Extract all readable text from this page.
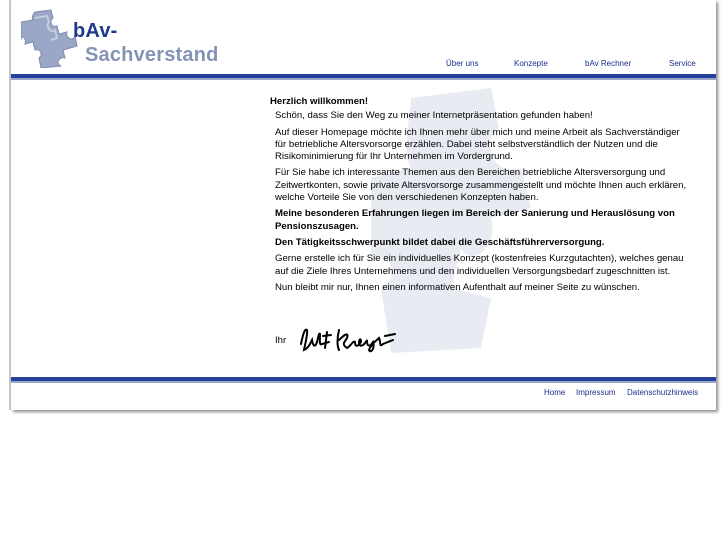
bAv-
Sachverstand	Über uns	Konzepte	bAv Rechner	Service

Herzlich willkommen!

Schön, dass Sie den Weg zu meiner Internetpräsentation gefunden haben!

Auf dieser Homepage möchte ich Ihnen mehr über mich und meine Arbeit als Sachverständiger für betriebliche Altersvorsorge erzählen. Dabei steht selbstverständlich der Nutzen und die Risikominimierung für Ihr Unternehmen im Vordergrund.

Für Sie habe ich interessante Themen aus den Bereichen betriebliche Altersversorgung und Zeitwertkonten, sowie private Altersvorsorge zusammengestellt und möchte Ihnen auch erklären, welche Vorteile Sie von den verschiedenen Konzepten haben.

Meine besonderen Erfahrungen liegen im Bereich der Sanierung und Herauslösung von Pensionszusagen.

Den Tätigkeitsschwerpunkt bildet dabei die Geschäftsführerversorgung.

Gerne erstelle ich für Sie ein individuelles Konzept (kostenfreies Kurzgutachten), welches genau auf die Ziele Ihres Unternehmens und den individuellen Versorgungsbedarf zugeschnitten ist.

Nun bleibt mir nur, Ihnen einen informativen Aufenthalt auf meiner Seite zu wünschen.

Ihr
Home Impressum Datenschutzhinweis
